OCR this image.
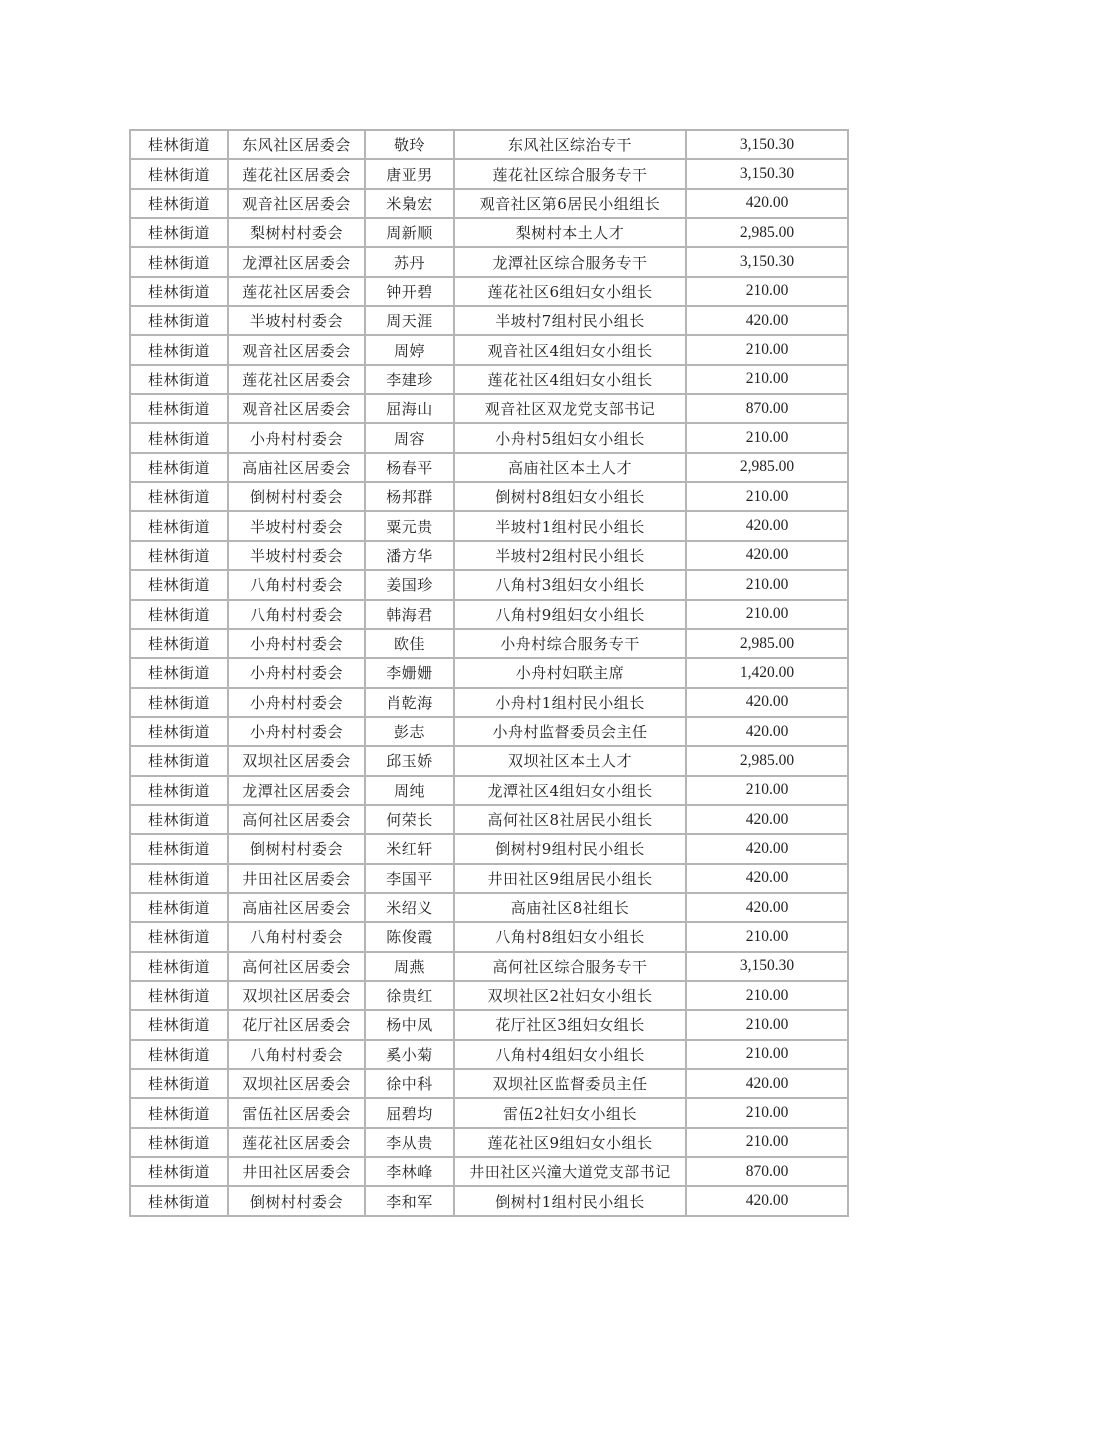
桂林街道	东风社区居委会	敬玲	东风社区综治专干	3,150.30
桂林街道	莲花社区居委会	唐亚男	莲花社区综合服务专干	3,150.30
桂林街道	观音社区居委会	米梟宏	观音社区第6居民小组组长	420.00
桂林街道	梨树村村委会	周新顺	梨树村本土人才	2,985.00
桂林街道	龙潭社区居委会	苏丹	龙潭社区综合服务专干	3,150.30
桂林街道	莲花社区居委会	钟开碧	莲花社区6组妇女小组长	210.00
桂林街道	半坡村村委会	周天涯	半坡村7组村民小组长	420.00
桂林街道	观音社区居委会	周婷	观音社区4组妇女小组长	210.00
桂林街道	莲花社区居委会	李建珍	莲花社区4组妇女小组长	210.00
桂林街道	观音社区居委会	屈海山	观音社区双龙党支部书记	870.00
桂林街道	小舟村村委会	周容	小舟村5组妇女小组长	210.00
桂林街道	高庙社区居委会	杨春平	高庙社区本土人才	2,985.00
桂林街道	倒树村村委会	杨邦群	倒树村8组妇女小组长	210.00
桂林街道	半坡村村委会	粟元贵	半坡村1组村民小组长	420.00
桂林街道	半坡村村委会	潘方华	半坡村2组村民小组长	420.00
桂林街道	八角村村委会	姜国珍	八角村3组妇女小组长	210.00
桂林街道	八角村村委会	韩海君	八角村9组妇女小组长	210.00
桂林街道	小舟村村委会	欧佳	小舟村综合服务专干	2,985.00
桂林街道	小舟村村委会	李姗姗	小舟村妇联主席	1,420.00
桂林街道	小舟村村委会	肖乾海	小舟村1组村民小组长	420.00
桂林街道	小舟村村委会	彭志	小舟村监督委员会主任	420.00
桂林街道	双坝社区居委会	邱玉娇	双坝社区本土人才	2,985.00
桂林街道	龙潭社区居委会	周纯	龙潭社区4组妇女小组长	210.00
桂林街道	高何社区居委会	何荣长	高何社区8社居民小组长	420.00
桂林街道	倒树村村委会	米红轩	倒树村9组村民小组长	420.00
桂林街道	井田社区居委会	李国平	井田社区9组居民小组长	420.00
桂林街道	高庙社区居委会	米绍义	高庙社区8社组长	420.00
桂林街道	八角村村委会	陈俊霞	八角村8组妇女小组长	210.00
桂林街道	高何社区居委会	周燕	高何社区综合服务专干	3,150.30
桂林街道	双坝社区居委会	徐贵红	双坝社区2社妇女小组长	210.00
桂林街道	花厅社区居委会	杨中凤	花厅社区3组妇女组长	210.00
桂林街道	八角村村委会	奚小菊	八角村4组妇女小组长	210.00
桂林街道	双坝社区居委会	徐中科	双坝社区监督委员主任	420.00
桂林街道	雷伍社区居委会	屈碧均	雷伍2社妇女小组长	210.00
桂林街道	莲花社区居委会	李从贵	莲花社区9组妇女小组长	210.00
桂林街道	井田社区居委会	李林峰	井田社区兴潼大道党支部书记	870.00
桂林街道	倒树村村委会	李和军	倒树村1组村民小组长	420.00
